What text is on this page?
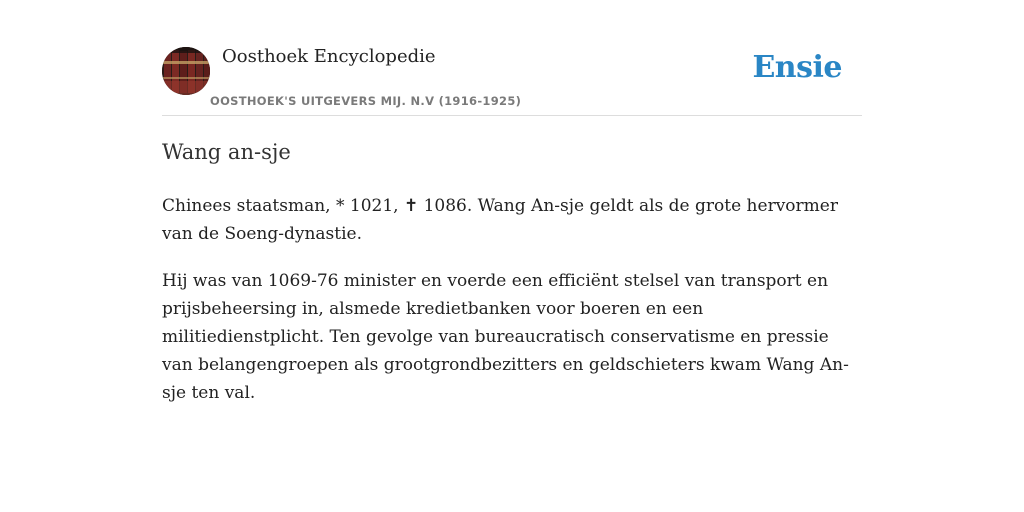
Oosthoek Encyclopedie
OOSTHOEK'S UITGEVERS MIJ. N.V (1916-1925)
Ensie
Wang an-sje

Chinees staatsman, * 1021, ✝ 1086. Wang An-sje geldt als de grote hervormer van de Soeng-dynastie.

Hij was van 1069-76 minister en voerde een efficiënt stelsel van transport en prijsbeheersing in, alsmede kredietbanken voor boeren en een militiedienstplicht. Ten gevolge van bureaucratisch conservatisme en pressie van belangengroepen als grootgrondbezitters en geldschieters kwam Wang An-sje ten val.
